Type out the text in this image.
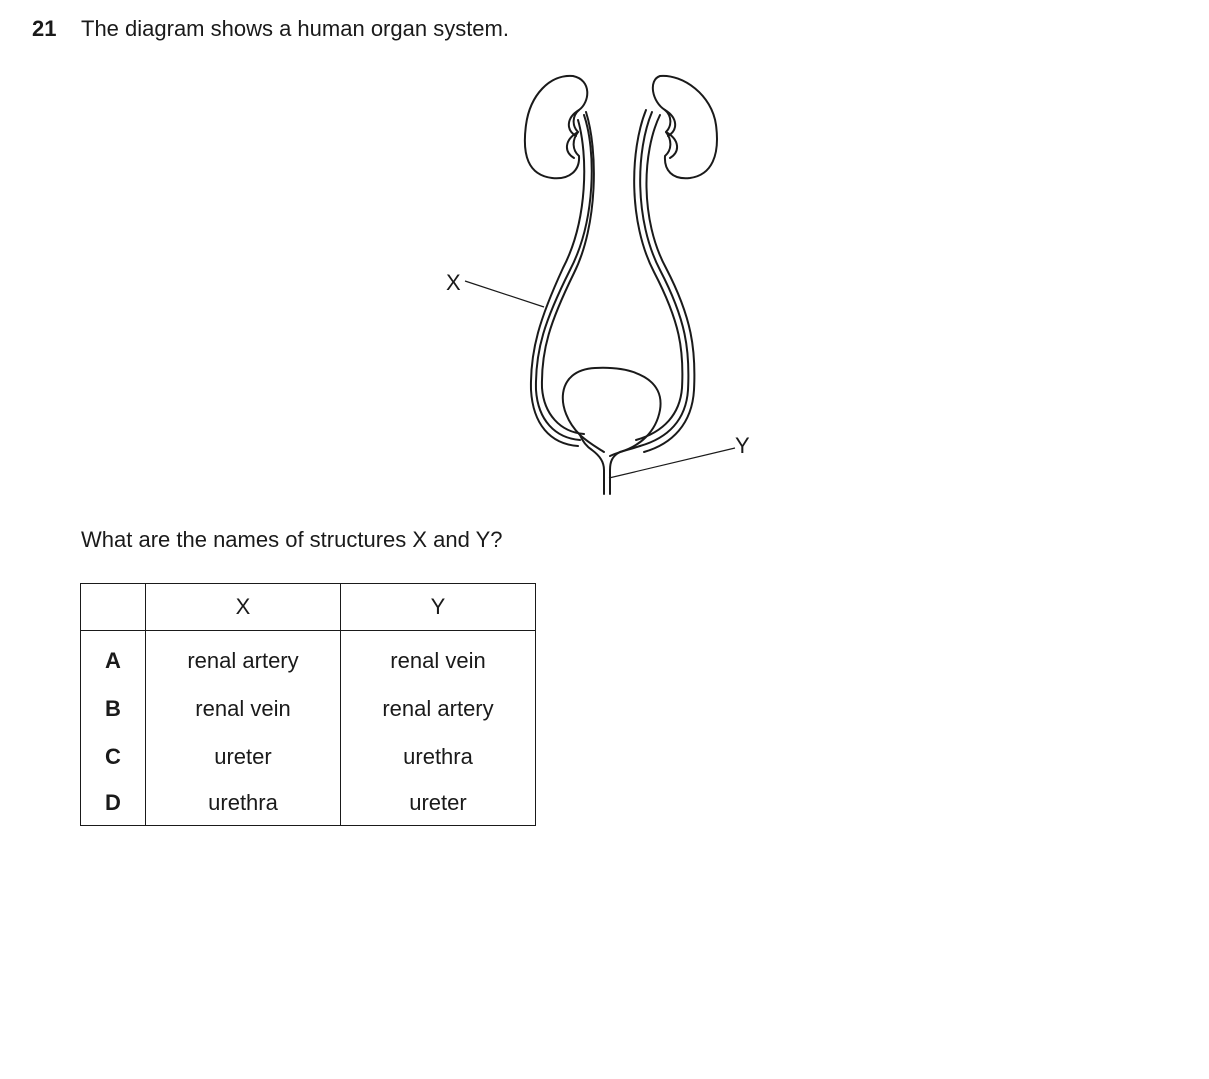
21 The diagram shows a human organ system.
X
Y
What are the names of structures X and Y?
	X	Y
A	renal artery	renal vein
B	renal vein	renal artery
C	ureter	urethra
D	urethra	ureter
